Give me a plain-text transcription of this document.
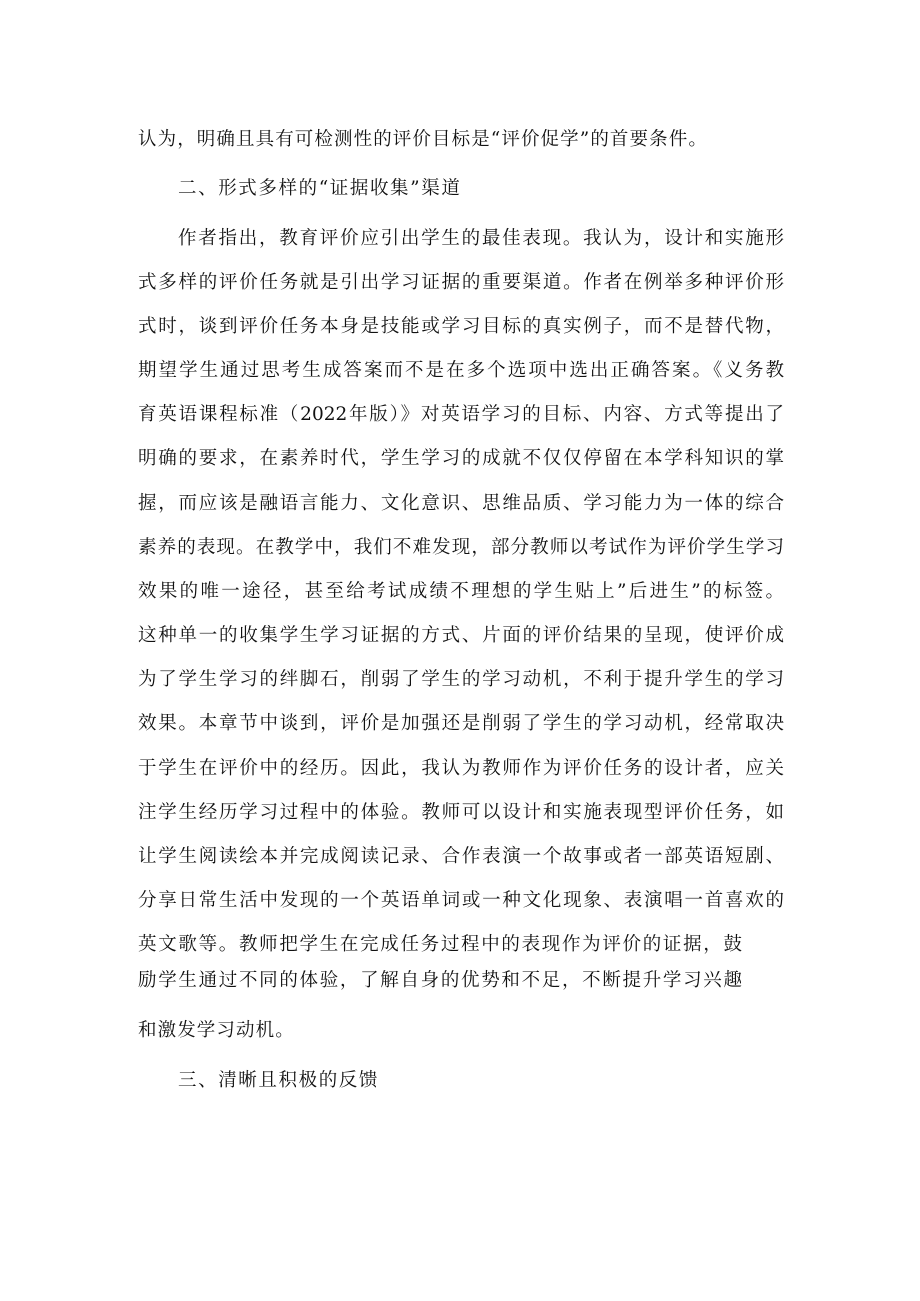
认为，明确且具有可检测性的评价目标是“评价促学”的首要条件。
二、形式多样的“证据收集”渠道
作者指出，教育评价应引出学生的最佳表现。我认为，设计和实施形
式多样的评价任务就是引出学习证据的重要渠道。作者在例举多种评价形
式时，谈到评价任务本身是技能或学习目标的真实例子，而不是替代物，
期望学生通过思考生成答案而不是在多个选项中选出正确答案。《义务教
育英语课程标准（2022年版）》对英语学习的目标、内容、方式等提出了
明确的要求，在素养时代，学生学习的成就不仅仅停留在本学科知识的掌
握，而应该是融语言能力、文化意识、思维品质、学习能力为一体的综合
素养的表现。在教学中，我们不难发现，部分教师以考试作为评价学生学习
效果的唯一途径，甚至给考试成绩不理想的学生贴上”后进生”的标签。
这种单一的收集学生学习证据的方式、片面的评价结果的呈现，使评价成
为了学生学习的绊脚石，削弱了学生的学习动机，不利于提升学生的学习
效果。本章节中谈到，评价是加强还是削弱了学生的学习动机，经常取决
于学生在评价中的经历。因此，我认为教师作为评价任务的设计者，应关
注学生经历学习过程中的体验。教师可以设计和实施表现型评价任务，如
让学生阅读绘本并完成阅读记录、合作表演一个故事或者一部英语短剧、
分享日常生活中发现的一个英语单词或一种文化现象、表演唱一首喜欢的
英文歌等。教师把学生在完成任务过程中的表现作为评价的证据，鼓
励学生通过不同的体验，了解自身的优势和不足，不断提升学习兴趣
和激发学习动机。
三、清晰且积极的反馈
